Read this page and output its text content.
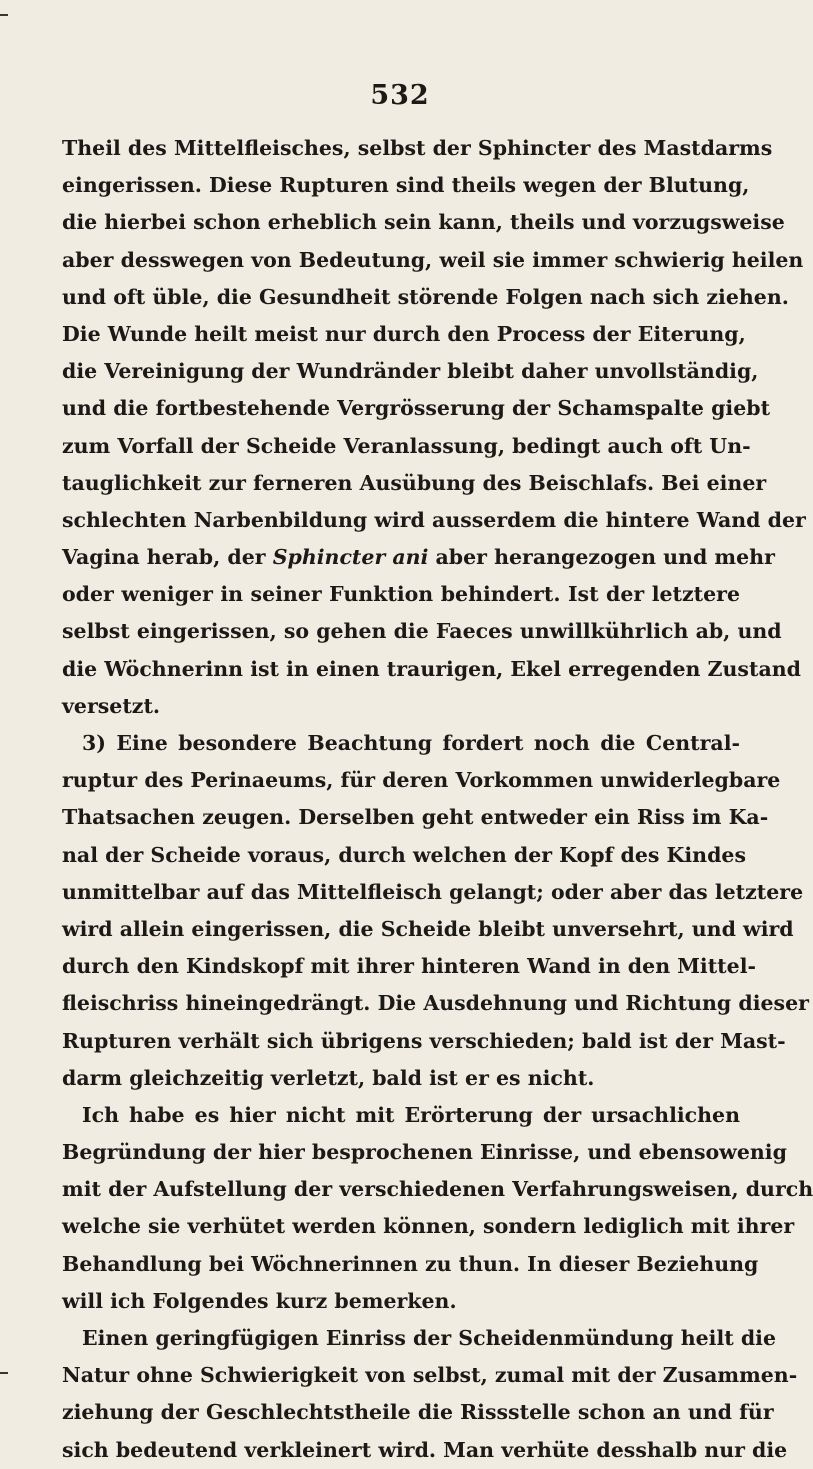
532
Theil des Mittelfleisches, selbst der Sphincter des Mastdarms
eingerissen. Diese Rupturen sind theils wegen der Blutung,
die hierbei schon erheblich sein kann, theils und vorzugsweise
aber desswegen von Bedeutung, weil sie immer schwierig heilen
und oft üble, die Gesundheit störende Folgen nach sich ziehen.
Die Wunde heilt meist nur durch den Process der Eiterung,
die Vereinigung der Wundränder bleibt daher unvollständig,
und die fortbestehende Vergrösserung der Schamspalte giebt
zum Vorfall der Scheide Veranlassung, bedingt auch oft Un-
tauglichkeit zur ferneren Ausübung des Beischlafs. Bei einer
schlechten Narbenbildung wird ausserdem die hintere Wand der
Vagina herab, der Sphincter ani aber herangezogen und mehr
oder weniger in seiner Funktion behindert. Ist der letztere
selbst eingerissen, so gehen die Faeces unwillkührlich ab, und
die Wöchnerinn ist in einen traurigen, Ekel erregenden Zustand
versetzt.
3) Eine besondere Beachtung fordert noch die Central-
ruptur des Perinaeums, für deren Vorkommen unwiderlegbare
Thatsachen zeugen. Derselben geht entweder ein Riss im Ka-
nal der Scheide voraus, durch welchen der Kopf des Kindes
unmittelbar auf das Mittelfleisch gelangt; oder aber das letztere
wird allein eingerissen, die Scheide bleibt unversehrt, und wird
durch den Kindskopf mit ihrer hinteren Wand in den Mittel-
fleischriss hineingedrängt. Die Ausdehnung und Richtung dieser
Rupturen verhält sich übrigens verschieden; bald ist der Mast-
darm gleichzeitig verletzt, bald ist er es nicht.
Ich habe es hier nicht mit Erörterung der ursachlichen
Begründung der hier besprochenen Einrisse, und ebensowenig
mit der Aufstellung der verschiedenen Verfahrungsweisen, durch
welche sie verhütet werden können, sondern lediglich mit ihrer
Behandlung bei Wöchnerinnen zu thun. In dieser Beziehung
will ich Folgendes kurz bemerken.
Einen geringfügigen Einriss der Scheidenmündung heilt die
Natur ohne Schwierigkeit von selbst, zumal mit der Zusammen-
ziehung der Geschlechtstheile die Rissstelle schon an und für
sich bedeutend verkleinert wird. Man verhüte desshalb nur die
